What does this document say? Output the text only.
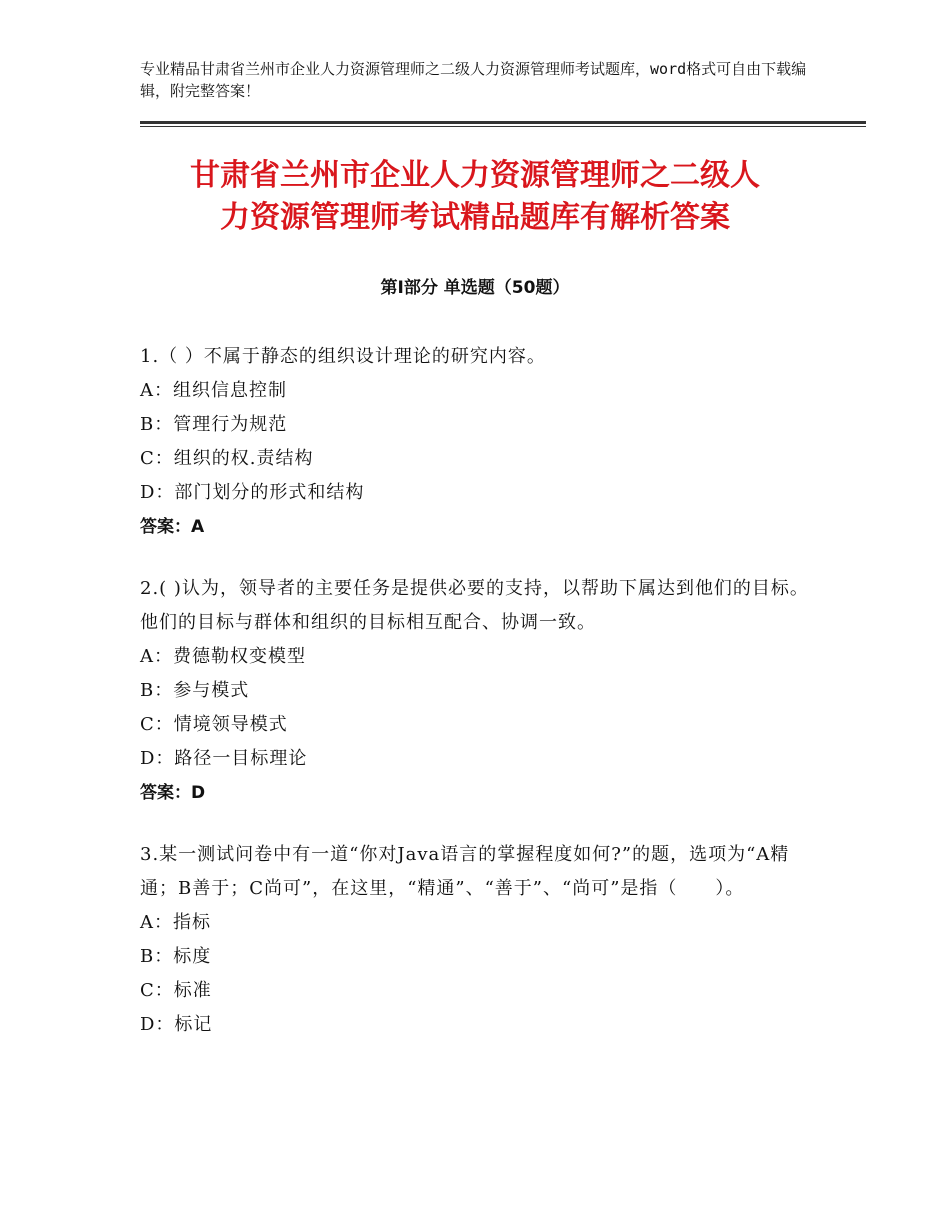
专业精品甘肃省兰州市企业人力资源管理师之二级人力资源管理师考试题库，word格式可自由下载编辑，附完整答案！
甘肃省兰州市企业人力资源管理师之二级人
力资源管理师考试精品题库有解析答案
第Ⅰ部分 单选题（50题）
1.（ ）不属于静态的组织设计理论的研究内容。
A：组织信息控制
B：管理行为规范
C：组织的权.责结构
D：部门划分的形式和结构
答案：A
2.( )认为，领导者的主要任务是提供必要的支持，以帮助下属达到他们的目标。他们的目标与群体和组织的目标相互配合、协调一致。
A：费德勒权变模型
B：参与模式
C：情境领导模式
D：路径一目标理论
答案：D
3.某一测试问卷中有一道“你对Java语言的掌握程度如何?”的题，选项为“A精通；B善于；C尚可”，在这里，“精通”、“善于”、“尚可”是指（　　）。
A：指标
B：标度
C：标准
D：标记
